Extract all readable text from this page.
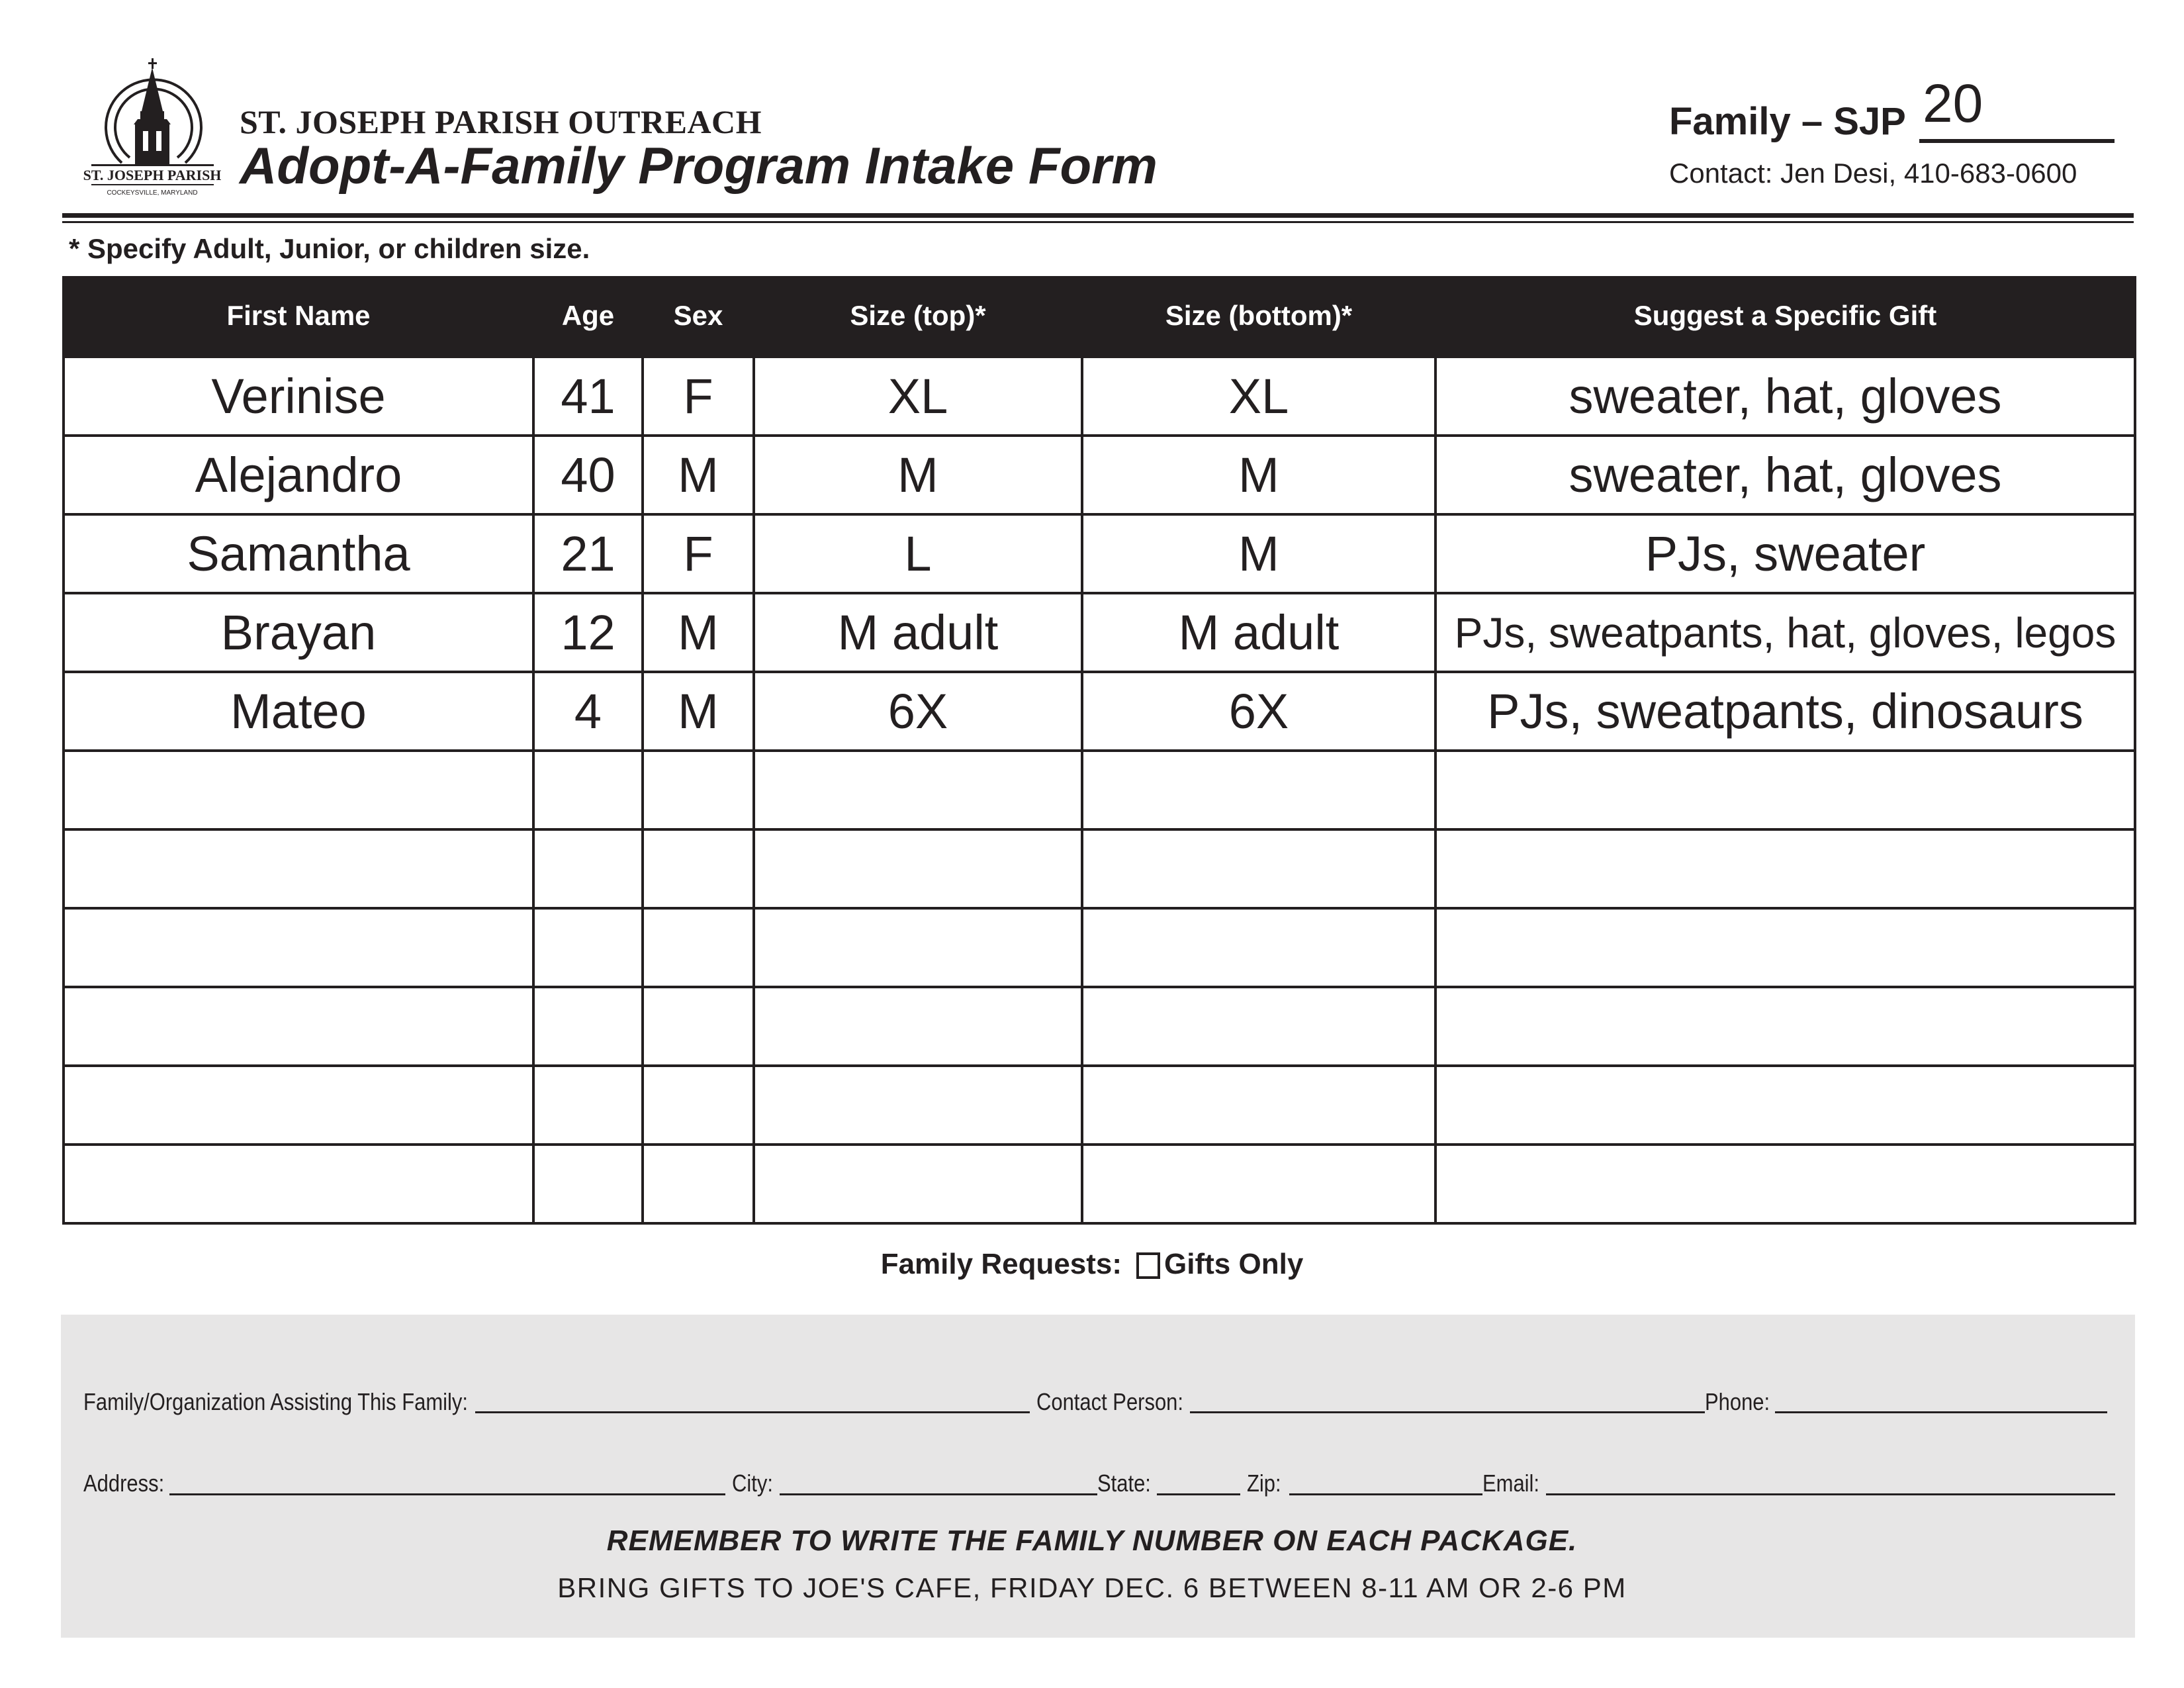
ST. JOSEPH PARISH
COCKEYSVILLE, MARYLAND
ST. JOSEPH PARISH OUTREACH
Adopt-A-Family Program Intake Form
Family – SJP 20
Contact: Jen Desi, 410-683-0600
* Specify Adult, Junior, or children size.
First Name	Age	Sex	Size (top)*	Size (bottom)*	Suggest a Specific Gift
Verinise	41	F	XL	XL	sweater, hat, gloves
Alejandro	40	M	M	M	sweater, hat, gloves
Samantha	21	F	L	M	PJs, sweater
Brayan	12	M	M adult	M adult	PJs, sweatpants, hat, gloves, legos
Mateo	4	M	6X	6X	PJs, sweatpants, dinosaurs

Family Requests: Gifts Only
Family/Organization Assisting This Family:	Contact Person:	Phone:
Address:	City:	State:	Zip:	Email:
REMEMBER TO WRITE THE FAMILY NUMBER ON EACH PACKAGE.
BRING GIFTS TO JOE'S CAFE, FRIDAY DEC. 6 BETWEEN 8-11 AM OR 2-6 PM
